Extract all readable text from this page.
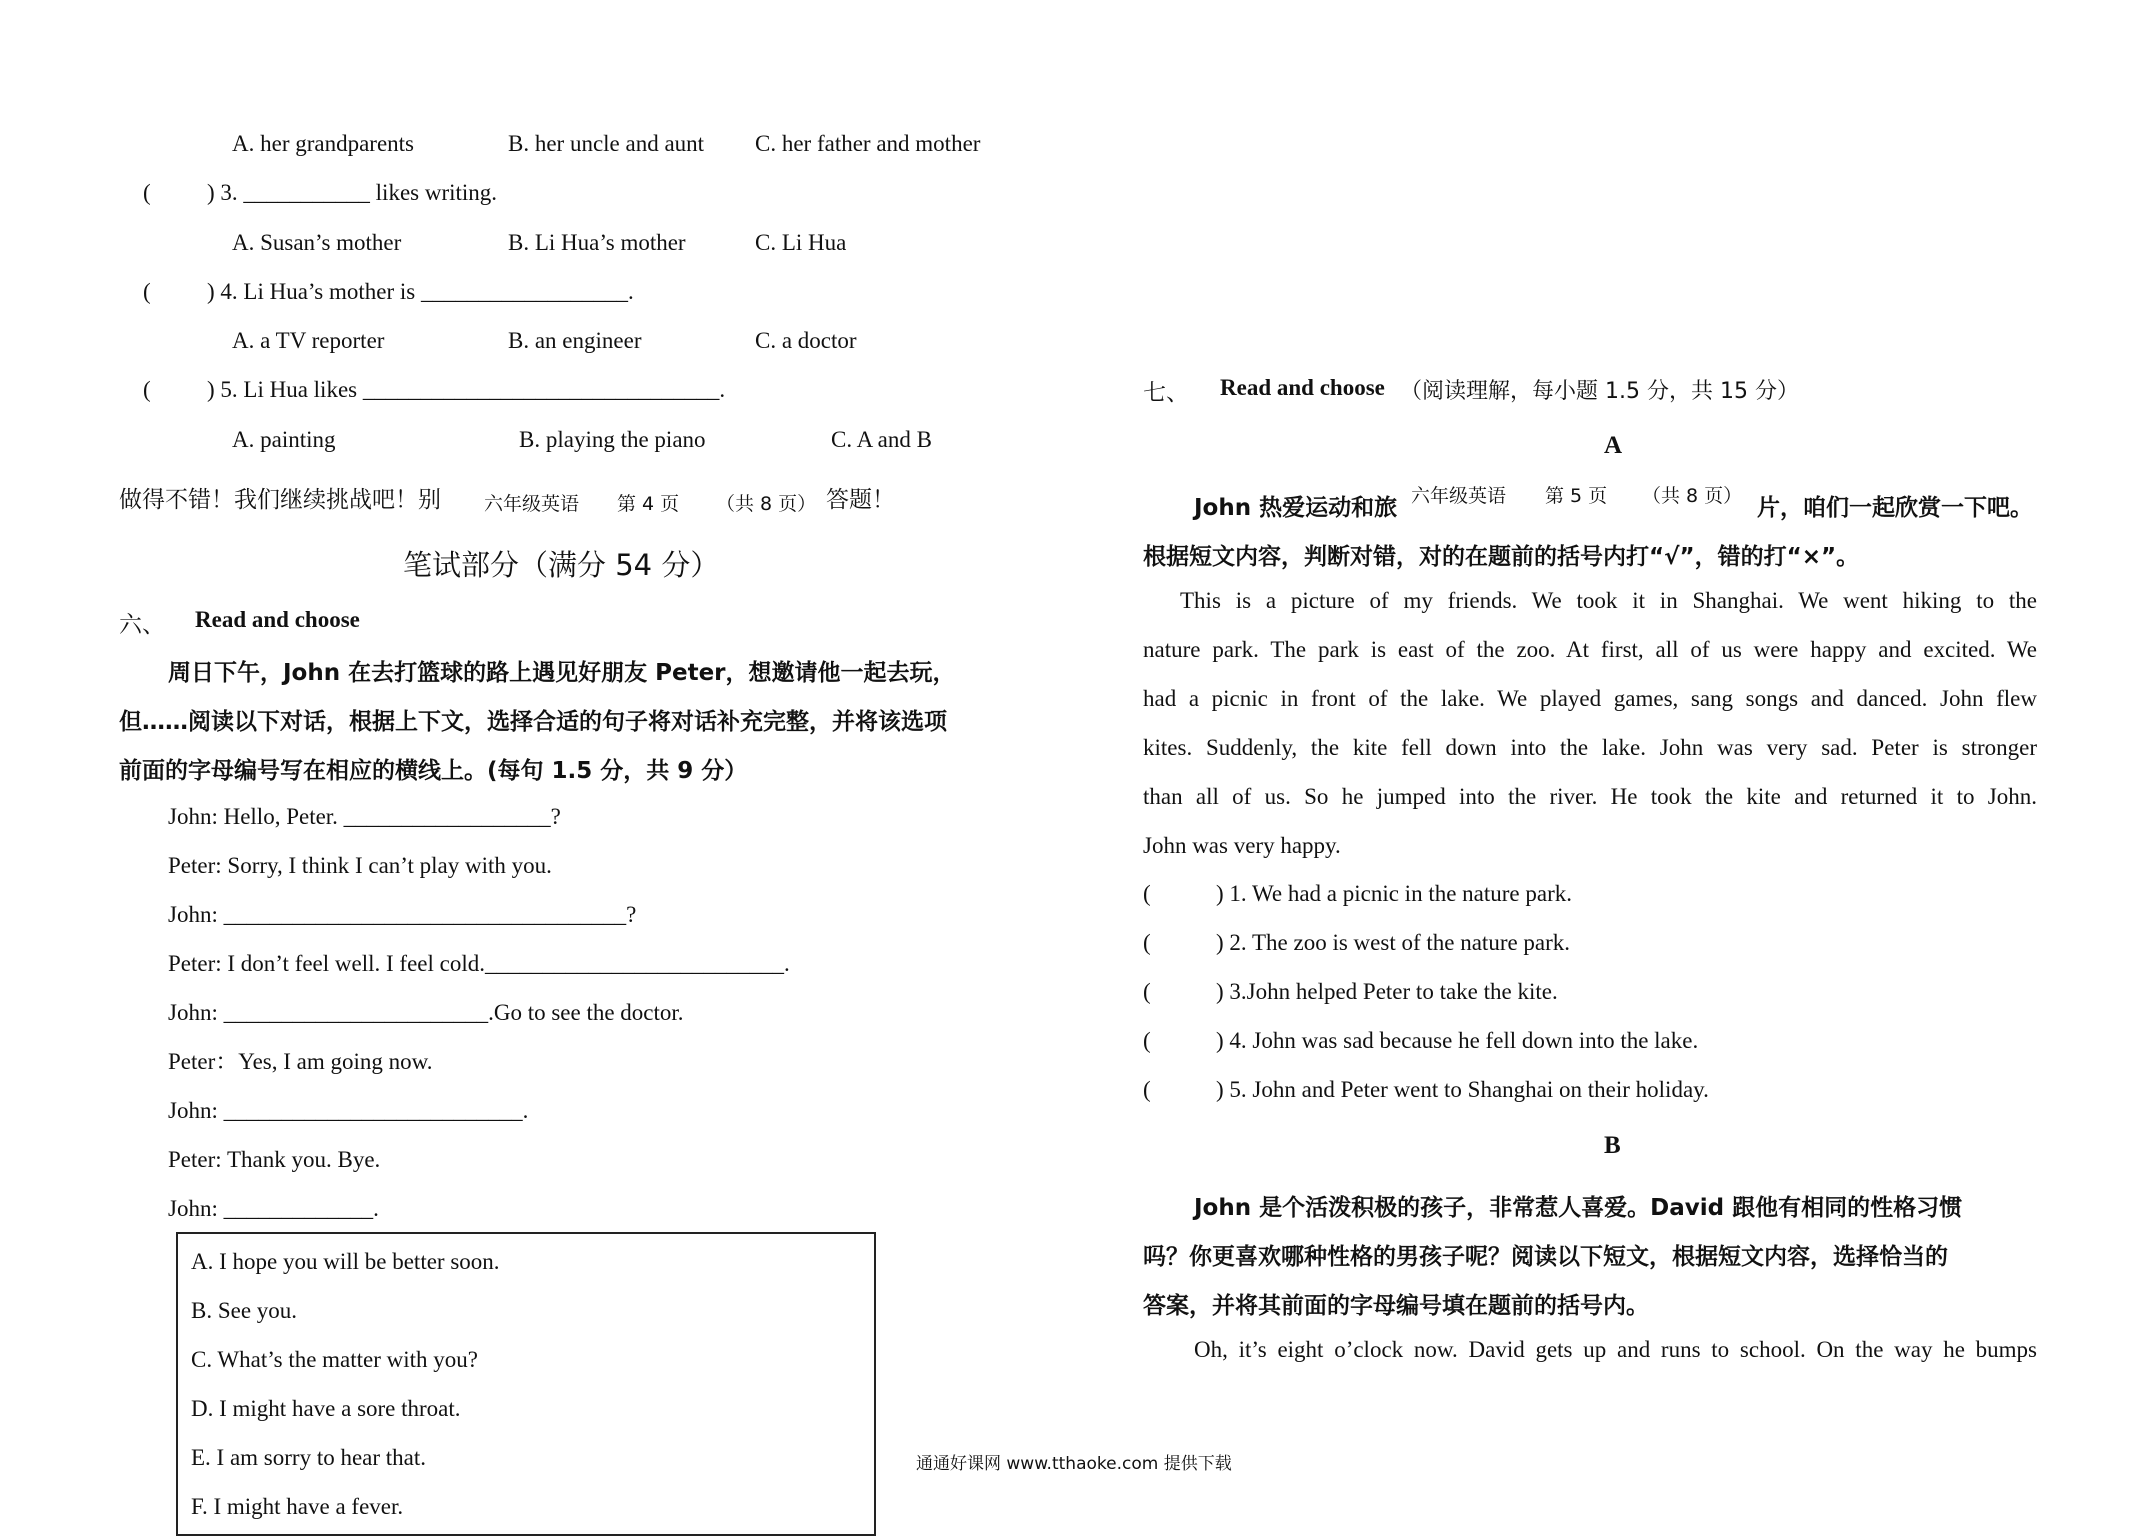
A. her grandparents	B. her uncle and aunt C. her father and mother
( ) 3. ___________ likes writing.
A. Susan’s mother	B. Li Hua’s mother	C. Li Hua
( ) 4. Li Hua’s mother is __________________.
A. a TV reporter	B. an engineer	C. a doctor
( ) 5. Li Hua likes _______________________________.
A. painting	B. playing the piano	C. A and B
做得不错！我们继续挑战吧！别 六年级英语 第 4 页 （共 8 页） 答题！
笔试部分（满分 54 分）
六、 Read and choose
周日下午，John 在去打篮球的路上遇见好朋友 Peter，想邀请他一起去玩，
但……阅读以下对话，根据上下文，选择合适的句子将对话补充完整，并将该选项
前面的字母编号写在相应的横线上。(每句 1.5 分，共 9 分）
John: Hello, Peter. __________________?
Peter: Sorry, I think I can’t play with you.
John: ___________________________________?
Peter: I don’t feel well. I feel cold.__________________________.
John: _______________________.Go to see the doctor.
Peter：Yes, I am going now.
John: __________________________.
Peter: Thank you. Bye.
John: _____________.
A. I hope you will be better soon.
B. See you.
C. What’s the matter with you?
D. I might have a sore throat.
E. I am sorry to hear that.
F. I might have a fever.
七、 Read and choose （阅读理解，每小题 1.5 分，共 15 分）
A
John 热爱运动和旅 六年级英语 第 5 页 （共 8 页） 片，咱们一起欣赏一下吧。
根据短文内容，判断对错，对的在题前的括号内打“√”，错的打“×”。
This is a picture of my friends. We took it in Shanghai. We went hiking to the
nature park. The park is east of the zoo. At first, all of us were happy and excited. We
had a picnic in front of the lake. We played games, sang songs and danced. John flew
kites. Suddenly, the kite fell down into the lake. John was very sad. Peter is stronger
than all of us. So he jumped into the river. He took the kite and returned it to John.
John was very happy.
(	) 1. We had a picnic in the nature park.
(	) 2. The zoo is west of the nature park.
(	) 3.John helped Peter to take the kite.
(	) 4. John was sad because he fell down into the lake.
(	) 5. John and Peter went to Shanghai on their holiday.
B
John 是个活泼积极的孩子，非常惹人喜爱。David 跟他有相同的性格习惯
吗？你更喜欢哪种性格的男孩子呢？阅读以下短文，根据短文内容，选择恰当的
答案，并将其前面的字母编号填在题前的括号内。
Oh, it’s eight o’clock now. David gets up and runs to school. On the way he bumps
通通好课网 www.tthaoke.com 提供下载
